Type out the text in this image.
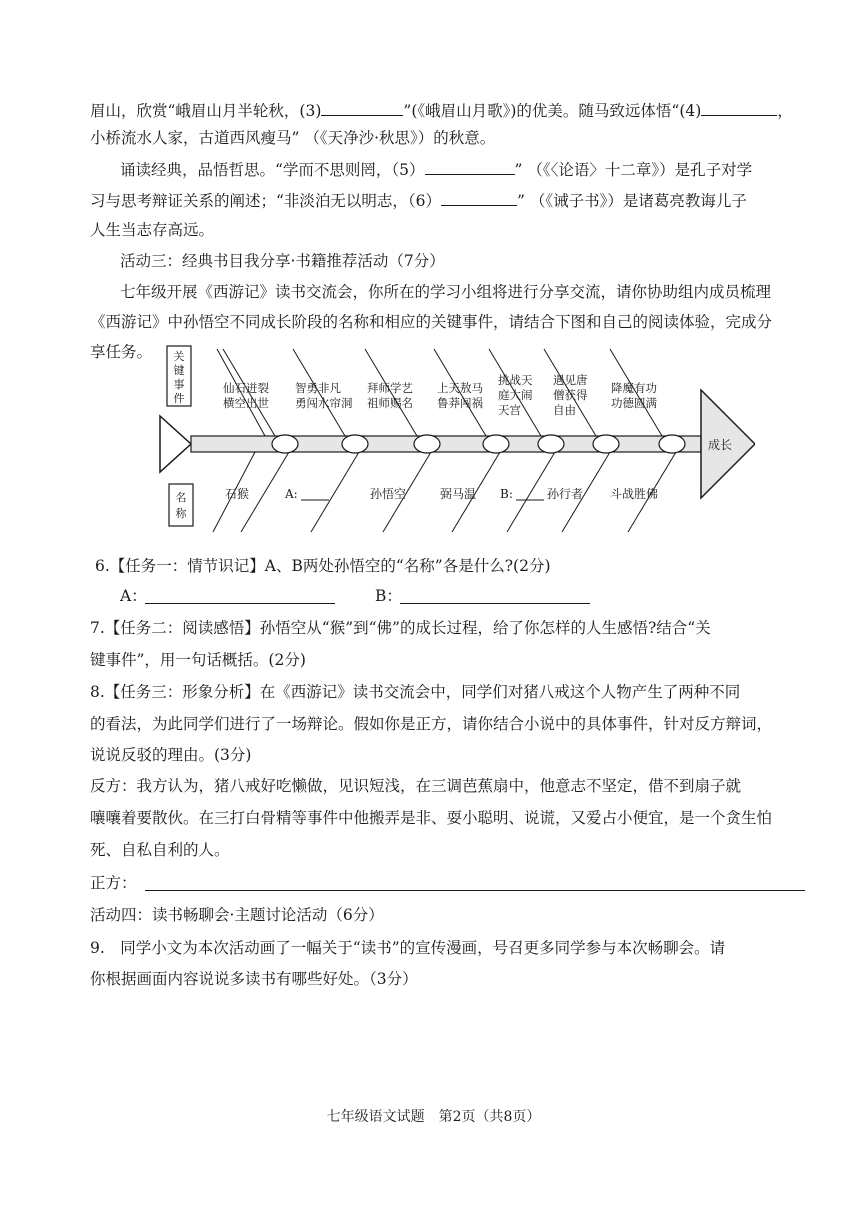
眉山，欣赏“峨眉山月半轮秋，(3)	”(《峨眉山月歌》)的优美。随马致远体悟“(4)	，
小桥流水人家，古道西风瘦马” （《天净沙·秋思》）的秋意。
诵读经典，品悟哲思。“学而不思则罔，（5）	” （《〈论语〉十二章》）是孔子对学
习与思考辩证关系的阐述；“非淡泊无以明志，（6）	” （《诫子书》）是诸葛亮教诲儿子
人生当志存高远。
活动三：经典书目我分享·书籍推荐活动（7分）
七年级开展《西游记》读书交流会，你所在的学习小组将进行分享交流，请你协助组内成员梳理
《西游记》中孙悟空不同成长阶段的名称和相应的关键事件，请结合下图和自己的阅读体验，完成分
享任务。 关
键
事
件
名
称
成长
仙石迸裂
横空出世
智勇非凡
勇闯水帘洞
拜师学艺
祖师赐名
上天敖马
鲁莽闯祸
挑战天
庭大闹
天宫
遇见唐
僧获得
自由
降魔有功
功德圆满
石猴	A:	孙悟空	弼马温 B:	孙行者 斗战胜佛
6.【任务一：情节识记】A、B两处孙悟空的“名称”各是什么?(2分)
A：	B：
7.【任务二：阅读感悟】孙悟空从“猴”到“佛”的成长过程，给了你怎样的人生感悟?结合“关
键事件”，用一句话概括。(2分)
8.【任务三：形象分析】在《西游记》读书交流会中，同学们对猪八戒这个人物产生了两种不同
的看法，为此同学们进行了一场辩论。假如你是正方，请你结合小说中的具体事件，针对反方辩词，
说说反驳的理由。(3分)
反方：我方认为，猪八戒好吃懒做，见识短浅，在三调芭蕉扇中，他意志不坚定，借不到扇子就
嚷嚷着要散伙。在三打白骨精等事件中他搬弄是非、耍小聪明、说谎，又爱占小便宜，是一个贪生怕
死、自私自利的人。
正方：
活动四：读书畅聊会·主题讨论活动（6分）
9.　同学小文为本次活动画了一幅关于“读书”的宣传漫画，号召更多同学参与本次畅聊会。请
你根据画面内容说说多读书有哪些好处。（3分）
七年级语文试题　第2页（共8页）
